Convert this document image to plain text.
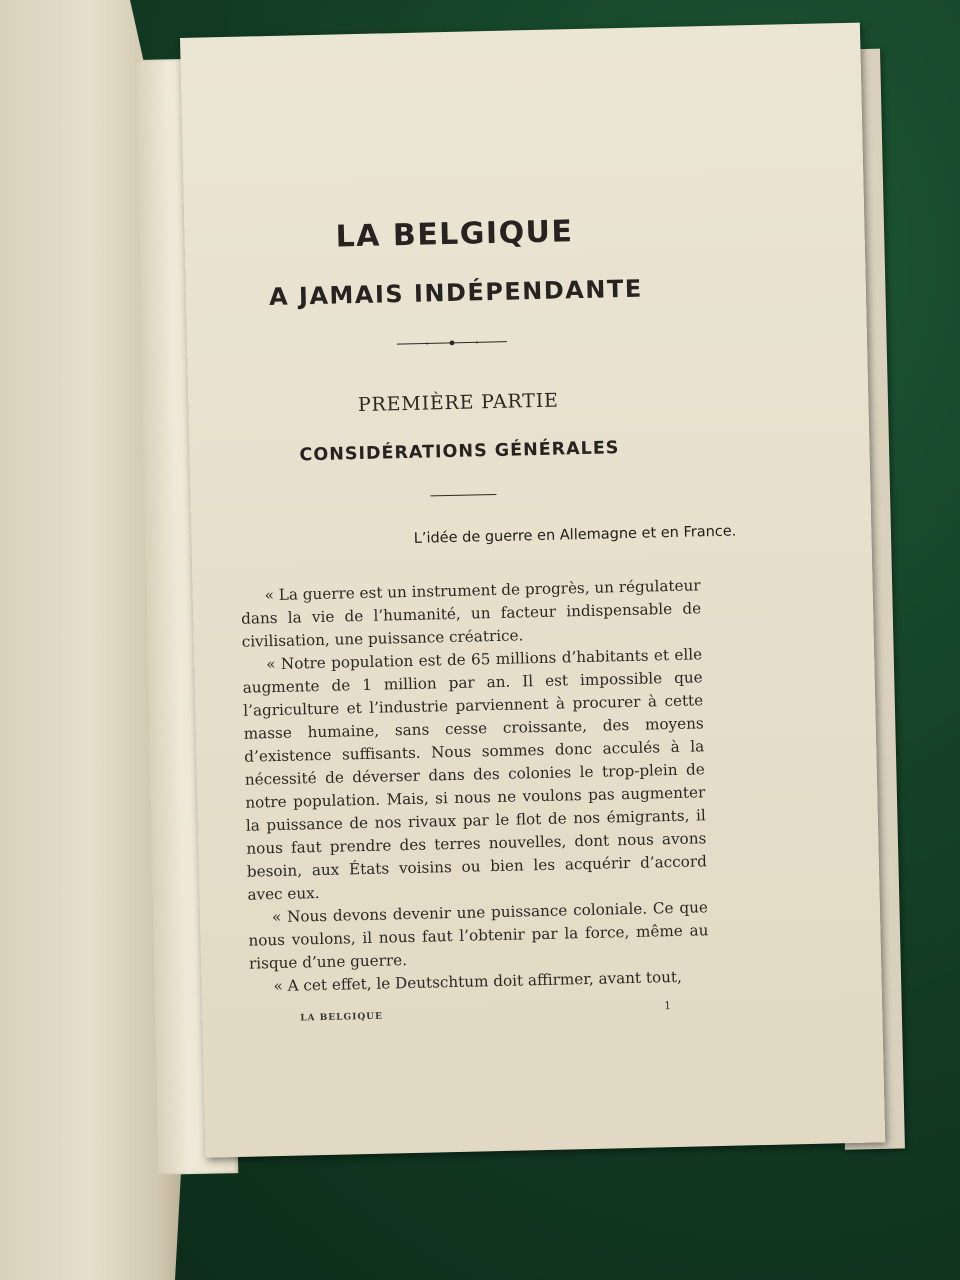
LA BELGIQUE
A JAMAIS INDÉPENDANTE
PREMIÈRE PARTIE
CONSIDÉRATIONS GÉNÉRALES
L’idée de guerre en Allemagne et en France.

« La guerre est un instrument de progrès, un régulateur dans la vie de l’humanité, un facteur indispensable de civilisation, une puissance créatrice.

« Notre population est de 65 millions d’habitants et elle augmente de 1 million par an. Il est impossible que l’agriculture et l’industrie parviennent à procurer à cette masse humaine, sans cesse croissante, des moyens d’existence suffisants. Nous sommes donc acculés à la nécessité de déverser dans des colonies le trop-plein de notre population. Mais, si nous ne voulons pas augmenter la puissance de nos rivaux par le flot de nos émigrants, il nous faut prendre des terres nouvelles, dont nous avons besoin, aux États voisins ou bien les acquérir d’accord avec eux.

« Nous devons devenir une puissance coloniale. Ce que nous voulons, il nous faut l’obtenir par la force, même au risque d’une guerre.

« A cet effet, le Deutschtum doit affirmer, avant tout,

LA BELGIQUE
1
